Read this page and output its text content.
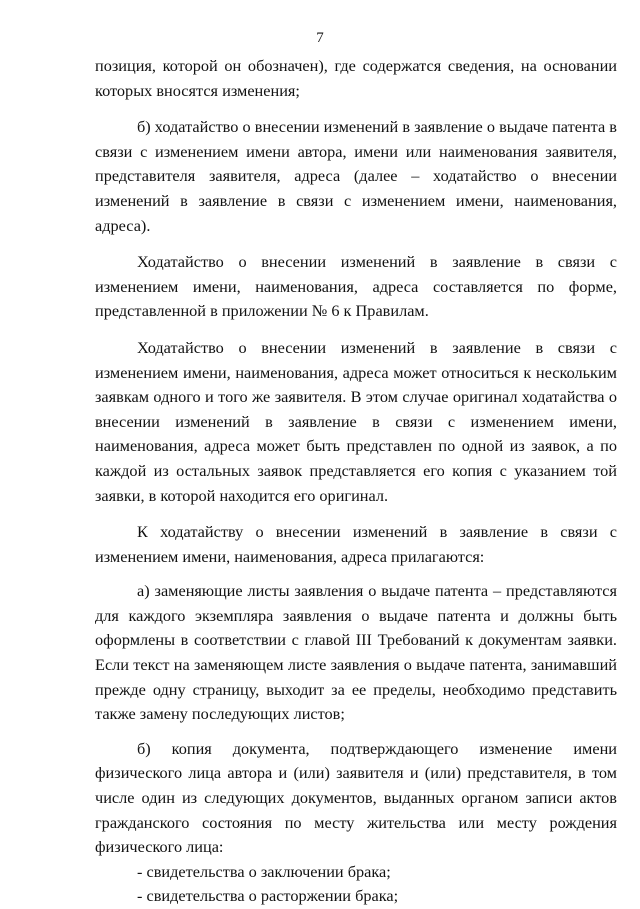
7

позиция, которой он обозначен), где содержатся сведения, на основании которых вносятся изменения;

б) ходатайство о внесении изменений в заявление о выдаче патента в связи с изменением имени автора, имени или наименования заявителя, представителя заявителя, адреса (далее – ходатайство о внесении изменений в заявление в связи с изменением имени, наименования, адреса).

Ходатайство о внесении изменений в заявление в связи с изменением имени, наименования, адреса составляется по форме, представленной в приложении № 6 к Правилам.

Ходатайство о внесении изменений в заявление в связи с изменением имени, наименования, адреса может относиться к нескольким заявкам одного и того же заявителя. В этом случае оригинал ходатайства о внесении изменений в заявление в связи с изменением имени, наименования, адреса может быть представлен по одной из заявок, а по каждой из остальных заявок представляется его копия с указанием той заявки, в которой находится его оригинал.

К ходатайству о внесении изменений в заявление в связи с изменением имени, наименования, адреса прилагаются:

а) заменяющие листы заявления о выдаче патента – представляются для каждого экземпляра заявления о выдаче патента и должны быть оформлены в соответствии с главой III Требований к документам заявки. Если текст на заменяющем листе заявления о выдаче патента, занимавший прежде одну страницу, выходит за ее пределы, необходимо представить также замену последующих листов;

б) копия документа, подтверждающего изменение имени физического лица автора и (или) заявителя и (или) представителя, в том числе один из следующих документов, выданных органом записи актов гражданского состояния по месту жительства или месту рождения физического лица:

- свидетельства о заключении брака;

- свидетельства о расторжении брака;
